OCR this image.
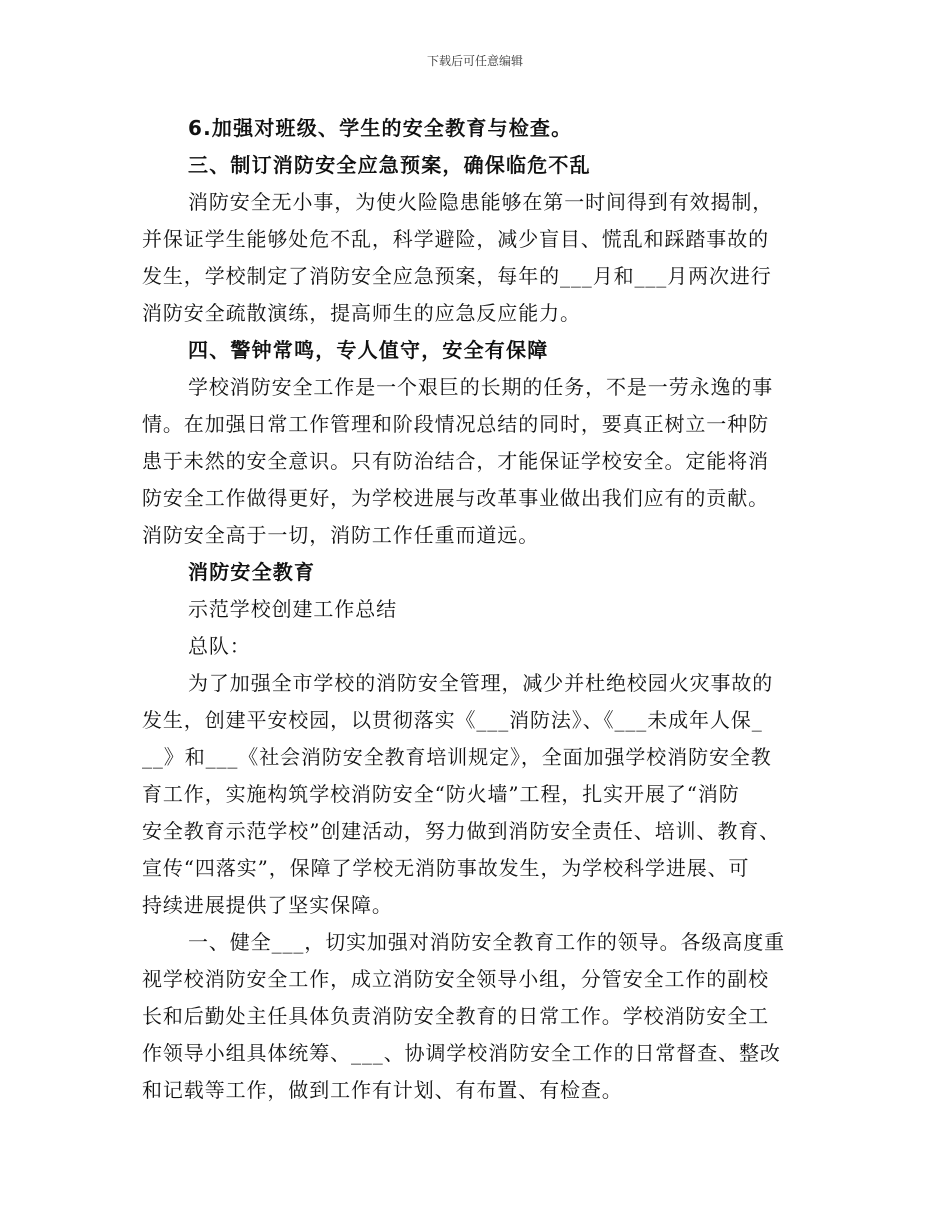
下载后可任意编辑
6.加强对班级、学生的安全教育与检查。
三、制订消防安全应急预案，确保临危不乱
消防安全无小事，为使火险隐患能够在第一时间得到有效揭制，
并保证学生能够处危不乱，科学避险，减少盲目、慌乱和踩踏事故的
发生，学校制定了消防安全应急预案，每年的___月和___月两次进行
消防安全疏散演练，提高师生的应急反应能力。
四、警钟常鸣，专人值守，安全有保障
学校消防安全工作是一个艰巨的长期的任务，不是一劳永逸的事
情。在加强日常工作管理和阶段情况总结的同时，要真正树立一种防
患于未然的安全意识。只有防治结合，才能保证学校安全。定能将消
防安全工作做得更好，为学校进展与改革事业做出我们应有的贡献。
消防安全高于一切，消防工作任重而道远。
消防安全教育
示范学校创建工作总结
总队：
为了加强全市学校的消防安全管理，减少并杜绝校园火灾事故的
发生，创建平安校园，以贯彻落实《___消防法》、《___未成年人保_
__》和___《社会消防安全教育培训规定》，全面加强学校消防安全教
育工作，实施构筑学校消防安全“防火墙”工程，扎实开展了“消防
安全教育示范学校”创建活动，努力做到消防安全责任、培训、教育、
宣传“四落实”，保障了学校无消防事故发生，为学校科学进展、可
持续进展提供了坚实保障。
一、健全___，切实加强对消防安全教育工作的领导。各级高度重
视学校消防安全工作，成立消防安全领导小组，分管安全工作的副校
长和后勤处主任具体负责消防安全教育的日常工作。学校消防安全工
作领导小组具体统筹、___、协调学校消防安全工作的日常督查、整改
和记载等工作，做到工作有计划、有布置、有检查。
